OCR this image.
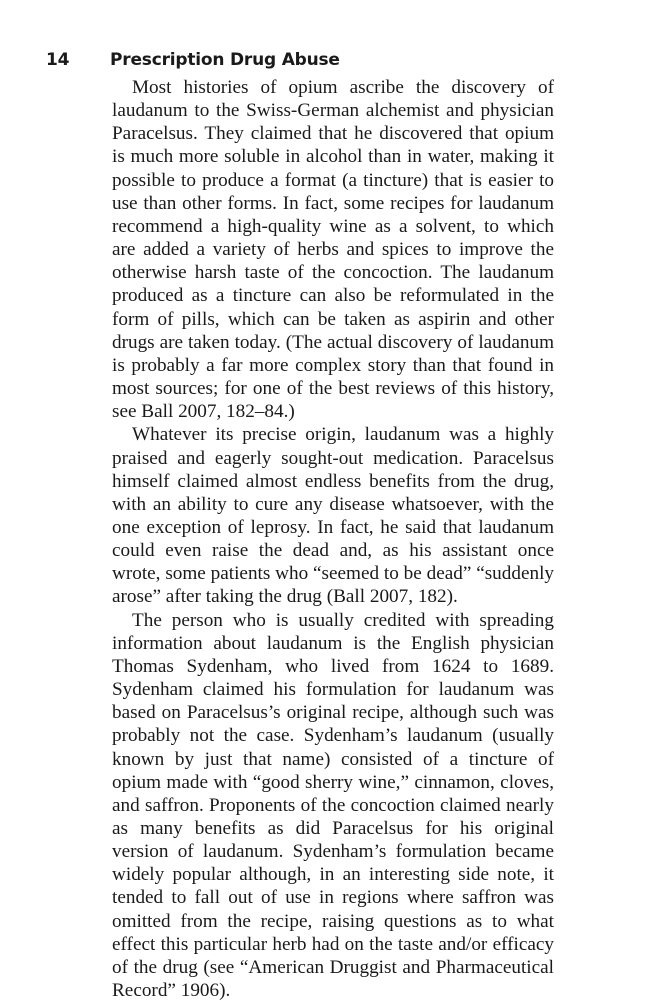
14 Prescription Drug Abuse

Most histories of opium ascribe the discovery of laudanum to the Swiss-German alchemist and physician Paracelsus. They claimed that he discovered that opium is much more soluble in alcohol than in water, making it possible to produce a format (a tincture) that is easier to use than other forms. In fact, some recipes for laudanum recommend a high-quality wine as a solvent, to which are added a variety of herbs and spices to improve the otherwise harsh taste of the concoction. The laudanum produced as a tincture can also be reformulated in the form of pills, which can be taken as aspirin and other drugs are taken today. (The actual discovery of laudanum is probably a far more complex story than that found in most sources; for one of the best reviews of this history, see Ball 2007, 182–84.)

Whatever its precise origin, laudanum was a highly praised and eagerly sought-out medication. Paracelsus himself claimed almost endless benefits from the drug, with an ability to cure any disease whatsoever, with the one exception of leprosy. In fact, he said that laudanum could even raise the dead and, as his assistant once wrote, some patients who “seemed to be dead” “suddenly arose” after taking the drug (Ball 2007, 182).

The person who is usually credited with spreading information about laudanum is the English physician Thomas Sydenham, who lived from 1624 to 1689. Sydenham claimed his formulation for laudanum was based on Paracelsus’s original recipe, although such was probably not the case. Sydenham’s laudanum (usually known by just that name) consisted of a tincture of opium made with “good sherry wine,” cinnamon, cloves, and saffron. Proponents of the concoction claimed nearly as many benefits as did Paracelsus for his original version of laudanum. Sydenham’s formulation became widely popular although, in an interesting side note, it tended to fall out of use in regions where saffron was omitted from the recipe, raising questions as to what effect this particular herb had on the taste and/or efficacy of the drug (see “American Druggist and Pharmaceutical Record” 1906).
